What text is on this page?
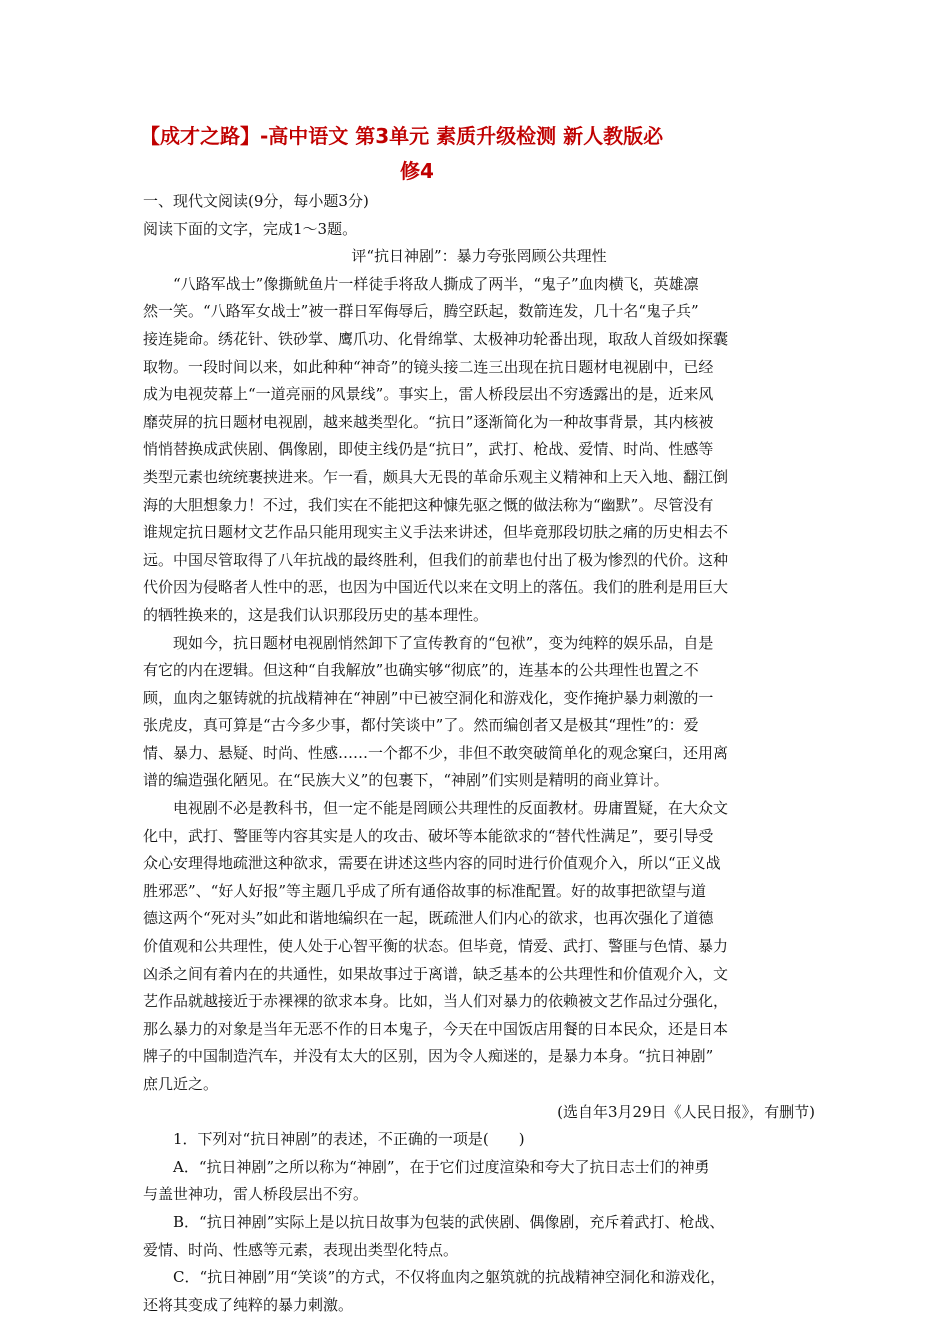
【成才之路】-高中语文 第3单元 素质升级检测 新人教版必
修4
一、现代文阅读(9分，每小题3分)
阅读下面的文字，完成1～3题。
评“抗日神剧”：暴力夸张罔顾公共理性
“八路军战士”像撕鱿鱼片一样徒手将敌人撕成了两半，“鬼子”血肉横飞，英雄凛
然一笑。“八路军女战士”被一群日军侮辱后，腾空跃起，数箭连发，几十名“鬼子兵”
接连毙命。绣花针、铁砂掌、鹰爪功、化骨绵掌、太极神功轮番出现，取敌人首级如探囊
取物。一段时间以来，如此种种“神奇”的镜头接二连三出现在抗日题材电视剧中，已经
成为电视荧幕上“一道亮丽的风景线”。事实上，雷人桥段层出不穷透露出的是，近来风
靡荧屏的抗日题材电视剧，越来越类型化。“抗日”逐渐简化为一种故事背景，其内核被
悄悄替换成武侠剧、偶像剧，即使主线仍是“抗日”，武打、枪战、爱情、时尚、性感等
类型元素也统统裹挟进来。乍一看，颇具大无畏的革命乐观主义精神和上天入地、翻江倒
海的大胆想象力！不过，我们实在不能把这种慷先驱之慨的做法称为“幽默”。尽管没有
谁规定抗日题材文艺作品只能用现实主义手法来讲述，但毕竟那段切肤之痛的历史相去不
远。中国尽管取得了八年抗战的最终胜利，但我们的前辈也付出了极为惨烈的代价。这种
代价因为侵略者人性中的恶，也因为中国近代以来在文明上的落伍。我们的胜利是用巨大
的牺牲换来的，这是我们认识那段历史的基本理性。
现如今，抗日题材电视剧悄然卸下了宣传教育的“包袱”，变为纯粹的娱乐品，自是
有它的内在逻辑。但这种“自我解放”也确实够“彻底”的，连基本的公共理性也置之不
顾，血肉之躯铸就的抗战精神在“神剧”中已被空洞化和游戏化，变作掩护暴力刺激的一
张虎皮，真可算是“古今多少事，都付笑谈中”了。然而编创者又是极其“理性”的：爱
情、暴力、悬疑、时尚、性感……一个都不少，非但不敢突破简单化的观念窠臼，还用离
谱的编造强化陋见。在“民族大义”的包裹下，“神剧”们实则是精明的商业算计。
电视剧不必是教科书，但一定不能是罔顾公共理性的反面教材。毋庸置疑，在大众文
化中，武打、警匪等内容其实是人的攻击、破坏等本能欲求的“替代性满足”，要引导受
众心安理得地疏泄这种欲求，需要在讲述这些内容的同时进行价值观介入，所以“正义战
胜邪恶”、“好人好报”等主题几乎成了所有通俗故事的标准配置。好的故事把欲望与道
德这两个“死对头”如此和谐地编织在一起，既疏泄人们内心的欲求，也再次强化了道德
价值观和公共理性，使人处于心智平衡的状态。但毕竟，情爱、武打、警匪与色情、暴力
凶杀之间有着内在的共通性，如果故事过于离谱，缺乏基本的公共理性和价值观介入，文
艺作品就越接近于赤裸裸的欲求本身。比如，当人们对暴力的依赖被文艺作品过分强化，
那么暴力的对象是当年无恶不作的日本鬼子，今天在中国饭店用餐的日本民众，还是日本
牌子的中国制造汽车，并没有太大的区别，因为令人痴迷的，是暴力本身。“抗日神剧”
庶几近之。
(选自年3月29日《人民日报》，有删节)
1．下列对“抗日神剧”的表述，不正确的一项是(　　)
A．“抗日神剧”之所以称为“神剧”，在于它们过度渲染和夸大了抗日志士们的神勇
与盖世神功，雷人桥段层出不穷。
B．“抗日神剧”实际上是以抗日故事为包装的武侠剧、偶像剧，充斥着武打、枪战、
爱情、时尚、性感等元素，表现出类型化特点。
C．“抗日神剧”用“笑谈”的方式，不仅将血肉之躯筑就的抗战精神空洞化和游戏化，
还将其变成了纯粹的暴力刺激。
